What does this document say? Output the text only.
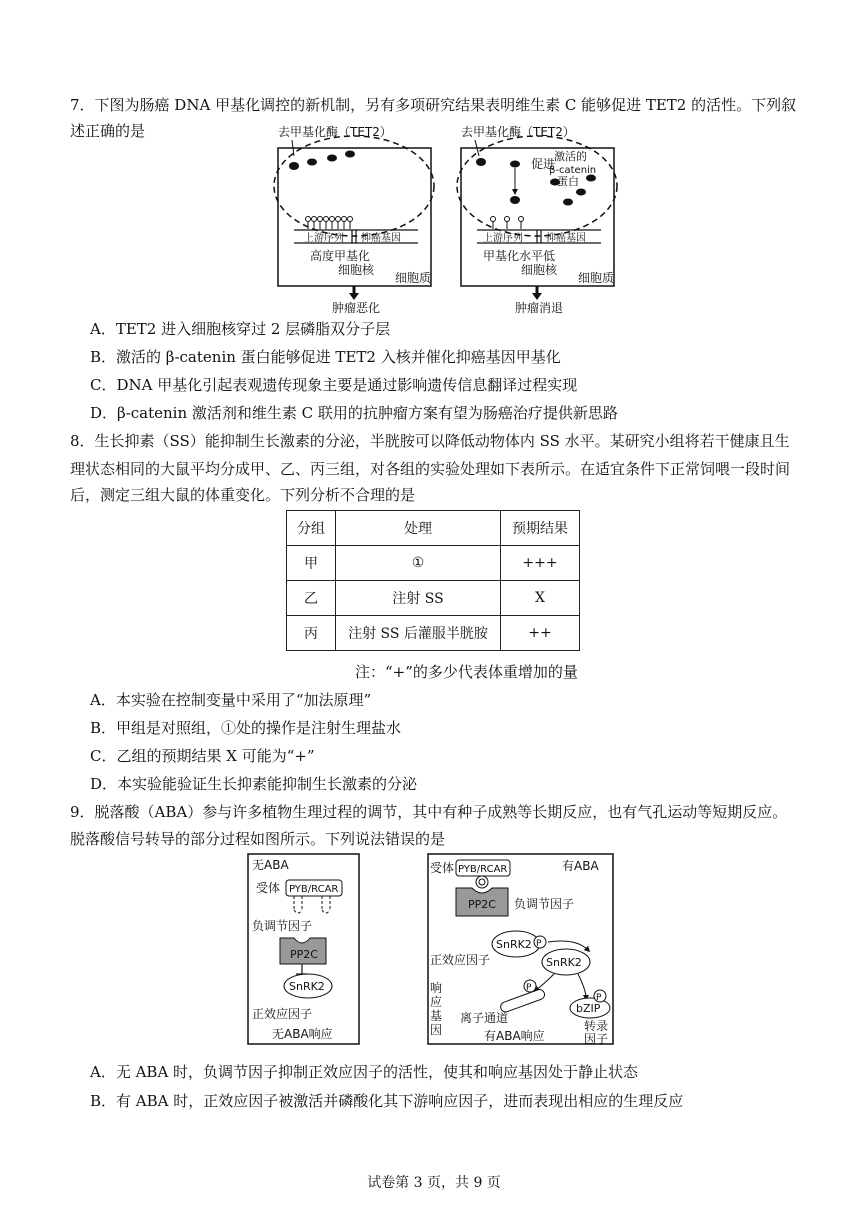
7．下图为肠癌 DNA 甲基化调控的新机制，另有多项研究结果表明维生素 C 能够促进 TET2 的活性。下列叙
述正确的是	去甲基化酶（TET2）
上游序列 抑癌基因
高度甲基化
细胞核
细胞质
肿瘤恶化
去甲基化酶（TET2）
促进
激活的
β-catenin
蛋白
上游序列 抑癌基因
甲基化水平低
细胞核
细胞质
肿瘤消退
A．TET2 进入细胞核穿过 2 层磷脂双分子层
B．激活的 β-catenin 蛋白能够促进 TET2 入核并催化抑癌基因甲基化
C．DNA 甲基化引起表观遗传现象主要是通过影响遗传信息翻译过程实现
D．β-catenin 激活剂和维生素 C 联用的抗肿瘤方案有望为肠癌治疗提供新思路
8．生长抑素（SS）能抑制生长激素的分泌，半胱胺可以降低动物体内 SS 水平。某研究小组将若干健康且生
理状态相同的大鼠平均分成甲、乙、丙三组，对各组的实验处理如下表所示。在适宜条件下正常饲喂一段时间
后，测定三组大鼠的体重变化。下列分析不合理的是
分组	处理	预期结果
甲	①	+++
乙	注射 SS	X
丙	注射 SS 后灌服半胱胺	++
注：“+”的多少代表体重增加的量
A．本实验在控制变量中采用了“加法原理”
B．甲组是对照组，①处的操作是注射生理盐水
C．乙组的预期结果 X 可能为“+”
D．本实验能验证生长抑素能抑制生长激素的分泌
9．脱落酸（ABA）参与许多植物生理过程的调节，其中有种子成熟等长期反应，也有气孔运动等短期反应。
脱落酸信号转导的部分过程如图所示。下列说法错误的是
无ABA
受体 PYB/RCAR
负调节因子
PP2C
SnRK2
正效应因子
无ABA响应
受体 PYB/RCAR	有ABA
PP2C 负调节因子
SnRK2 P
SnRK2
正效应因子
响
应
基
因
P
离子通道
bZIP
P
转录
因子
有ABA响应
A．无 ABA 时，负调节因子抑制正效应因子的活性，使其和响应基因处于静止状态
B．有 ABA 时，正效应因子被激活并磷酸化其下游响应因子，进而表现出相应的生理反应
试卷第 3 页，共 9 页
